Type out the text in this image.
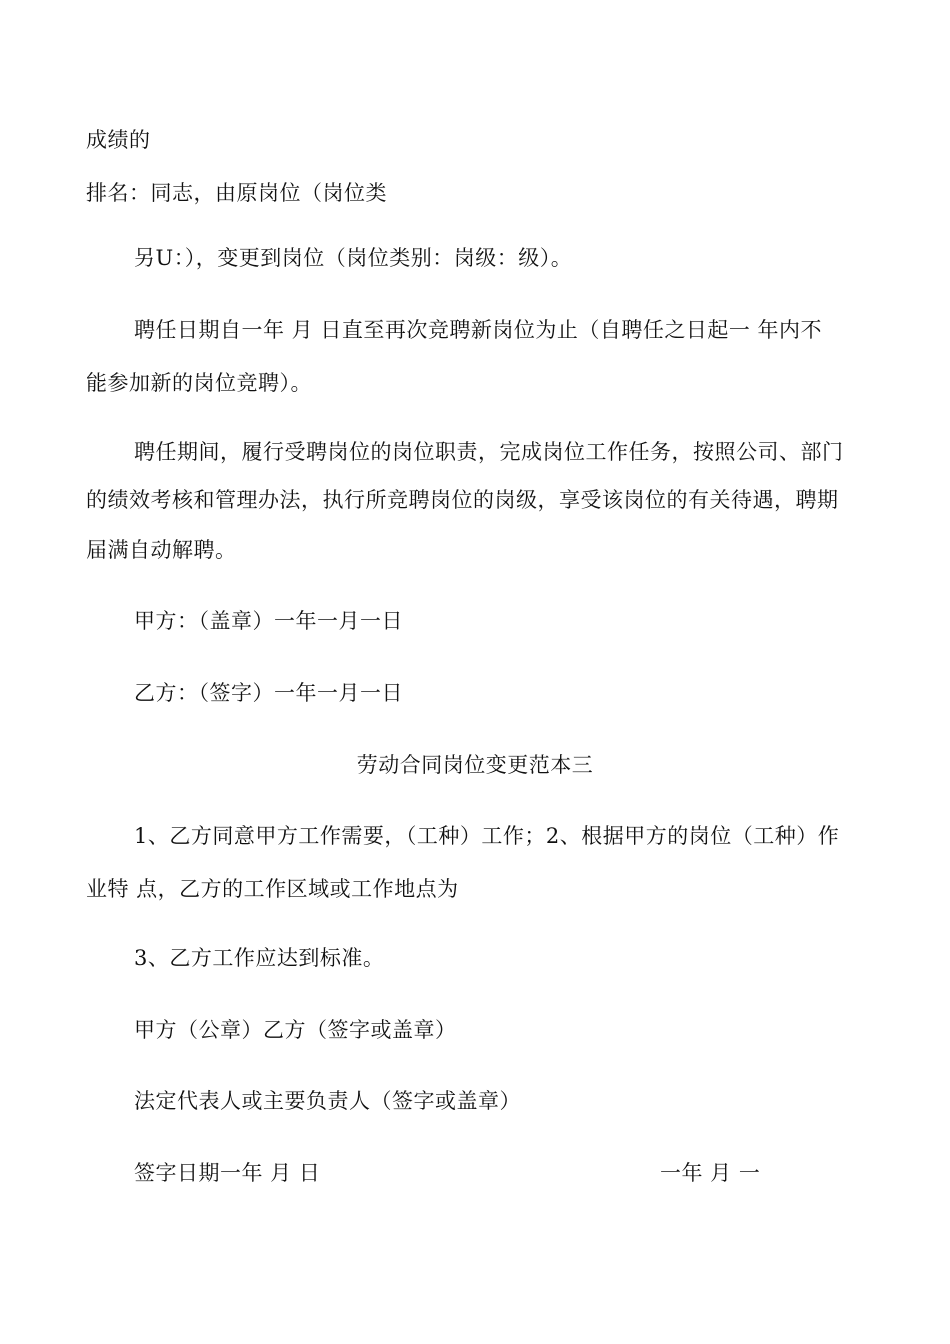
成绩的
排名：同志，由原岗位（岗位类
另U：），变更到岗位（岗位类别：岗级：级）。
聘任日期自一年 月 日直至再次竞聘新岗位为止（自聘任之日起一 年内不
能参加新的岗位竞聘）。
聘任期间，履行受聘岗位的岗位职责，完成岗位工作任务，按照公司、部门
的绩效考核和管理办法，执行所竞聘岗位的岗级，享受该岗位的有关待遇，聘期
届满自动解聘。
甲方：（盖章）一年一月一日
乙方：（签字）一年一月一日
劳动合同岗位变更范本三
1、乙方同意甲方工作需要，（工种）工作；2、根据甲方的岗位（工种）作
业特 点，乙方的工作区域或工作地点为
3、乙方工作应达到标准。
甲方（公章）乙方（签字或盖章）
法定代表人或主要负责人（签字或盖章）
签字日期一年 月 日	一年 月 一
